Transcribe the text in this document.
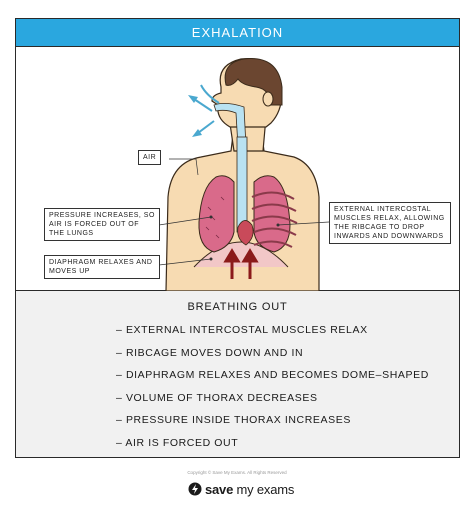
EXHALATION
AIR
PRESSURE INCREASES, SO AIR IS FORCED OUT OF THE LUNGS
DIAPHRAGM RELAXES AND MOVES UP
EXTERNAL INTERCOSTAL MUSCLES RELAX, ALLOWING THE RIBCAGE TO DROP INWARDS AND DOWNWARDS
BREATHING OUT
– EXTERNAL INTERCOSTAL MUSCLES RELAX
– RIBCAGE MOVES DOWN AND IN
– DIAPHRAGM RELAXES AND BECOMES DOME–SHAPED
– VOLUME OF THORAX DECREASES
– PRESSURE INSIDE THORAX INCREASES
– AIR IS FORCED OUT
Copyright © Save My Exams. All Rights Reserved
save my exams
